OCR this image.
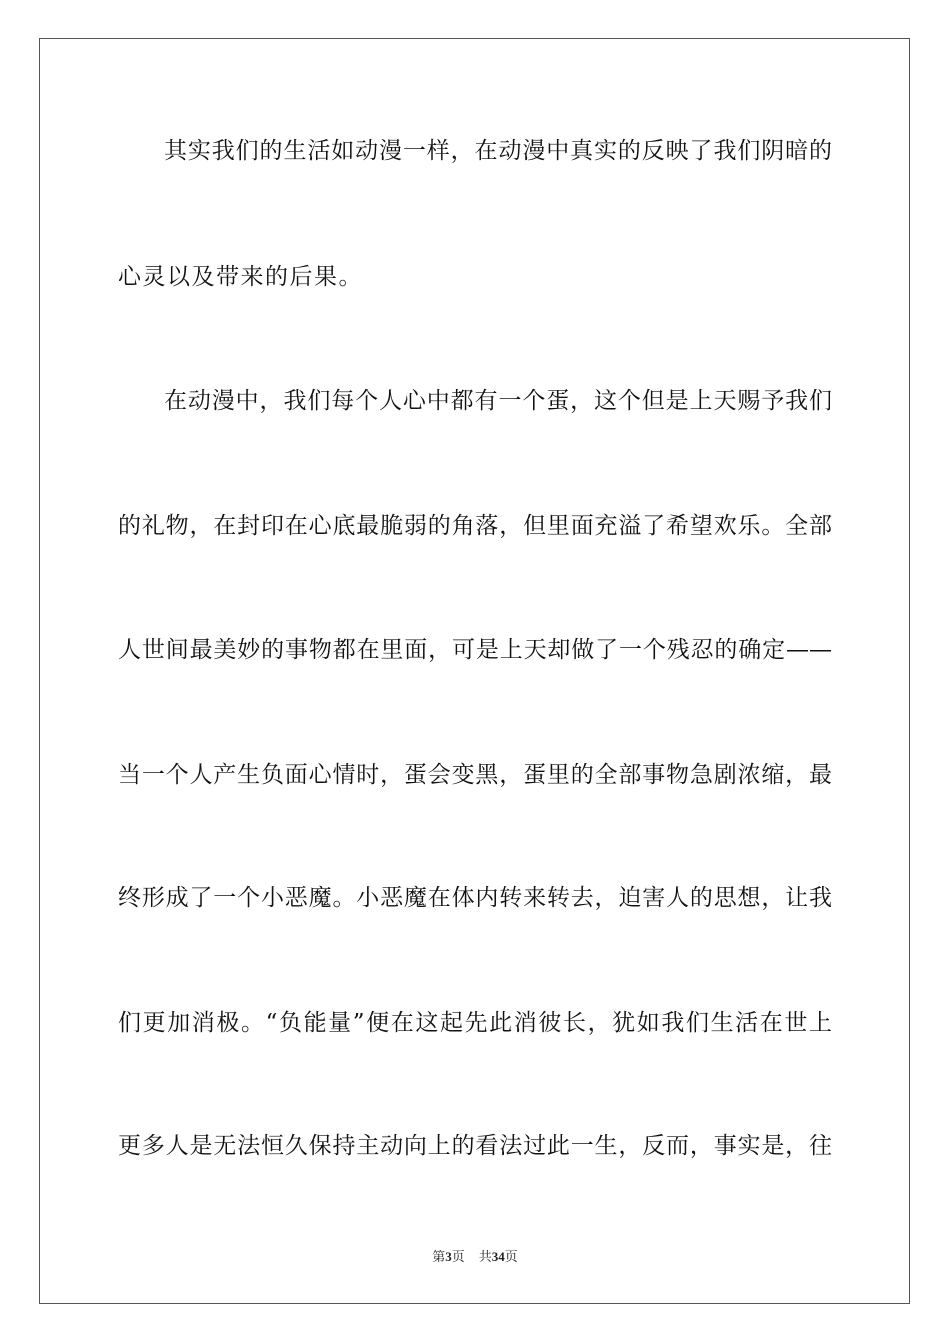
其实我们的生活如动漫一样，在动漫中真实的反映了我们阴暗的
心灵以及带来的后果。
在动漫中，我们每个人心中都有一个蛋，这个但是上天赐予我们
的礼物，在封印在心底最脆弱的角落，但里面充溢了希望欢乐。全部
人世间最美妙的事物都在里面，可是上天却做了一个残忍的确定——
当一个人产生负面心情时，蛋会变黑，蛋里的全部事物急剧浓缩，最
终形成了一个小恶魔。小恶魔在体内转来转去，迫害人的思想，让我
们更加消极。“负能量”便在这起先此消彼长，犹如我们生活在世上
更多人是无法恒久保持主动向上的看法过此一生，反而，事实是，往
第3页 共34页
